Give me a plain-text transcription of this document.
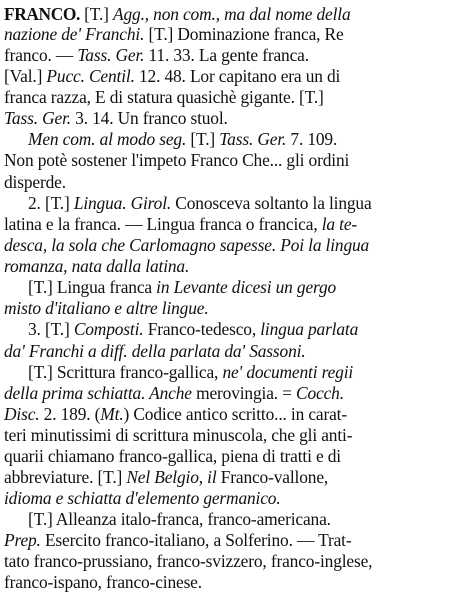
FRANCO. [T.] Agg., non com., ma dal nome della
nazione de' Franchi. [T.] Dominazione franca, Re
franco. — Tass. Ger. 11. 33. La gente franca.
[Val.] Pucc. Centil. 12. 48. Lor capitano era un di
franca razza, E di statura quasichè gigante. [T.]
Tass. Ger. 3. 14. Un franco stuol.
Men com. al modo seg. [T.] Tass. Ger. 7. 109.
Non potè sostener l'impeto Franco Che... gli ordini
disperde.
2. [T.] Lingua. Girol. Conosceva soltanto la lingua
latina e la franca. — Lingua franca o francica, la te-
desca, la sola che Carlomagno sapesse. Poi la lingua
romanza, nata dalla latina.
[T.] Lingua franca in Levante dicesi un gergo
misto d'italiano e altre lingue.
3. [T.] Composti. Franco-tedesco, lingua parlata
da' Franchi a diff. della parlata da' Sassoni.
[T.] Scrittura franco-gallica, ne' documenti regii
della prima schiatta. Anche merovingia. = Cocch.
Disc. 2. 189. (Mt.) Codice antico scritto... in carat-
teri minutissimi di scrittura minuscola, che gli anti-
quarii chiamano franco-gallica, piena di tratti e di
abbreviature. [T.] Nel Belgio, il Franco-vallone,
idioma e schiatta d'elemento germanico.
[T.] Alleanza italo-franca, franco-americana.
Prep. Esercito franco-italiano, a Solferino. — Trat-
tato franco-prussiano, franco-svizzero, franco-inglese,
franco-ispano, franco-cinese.
